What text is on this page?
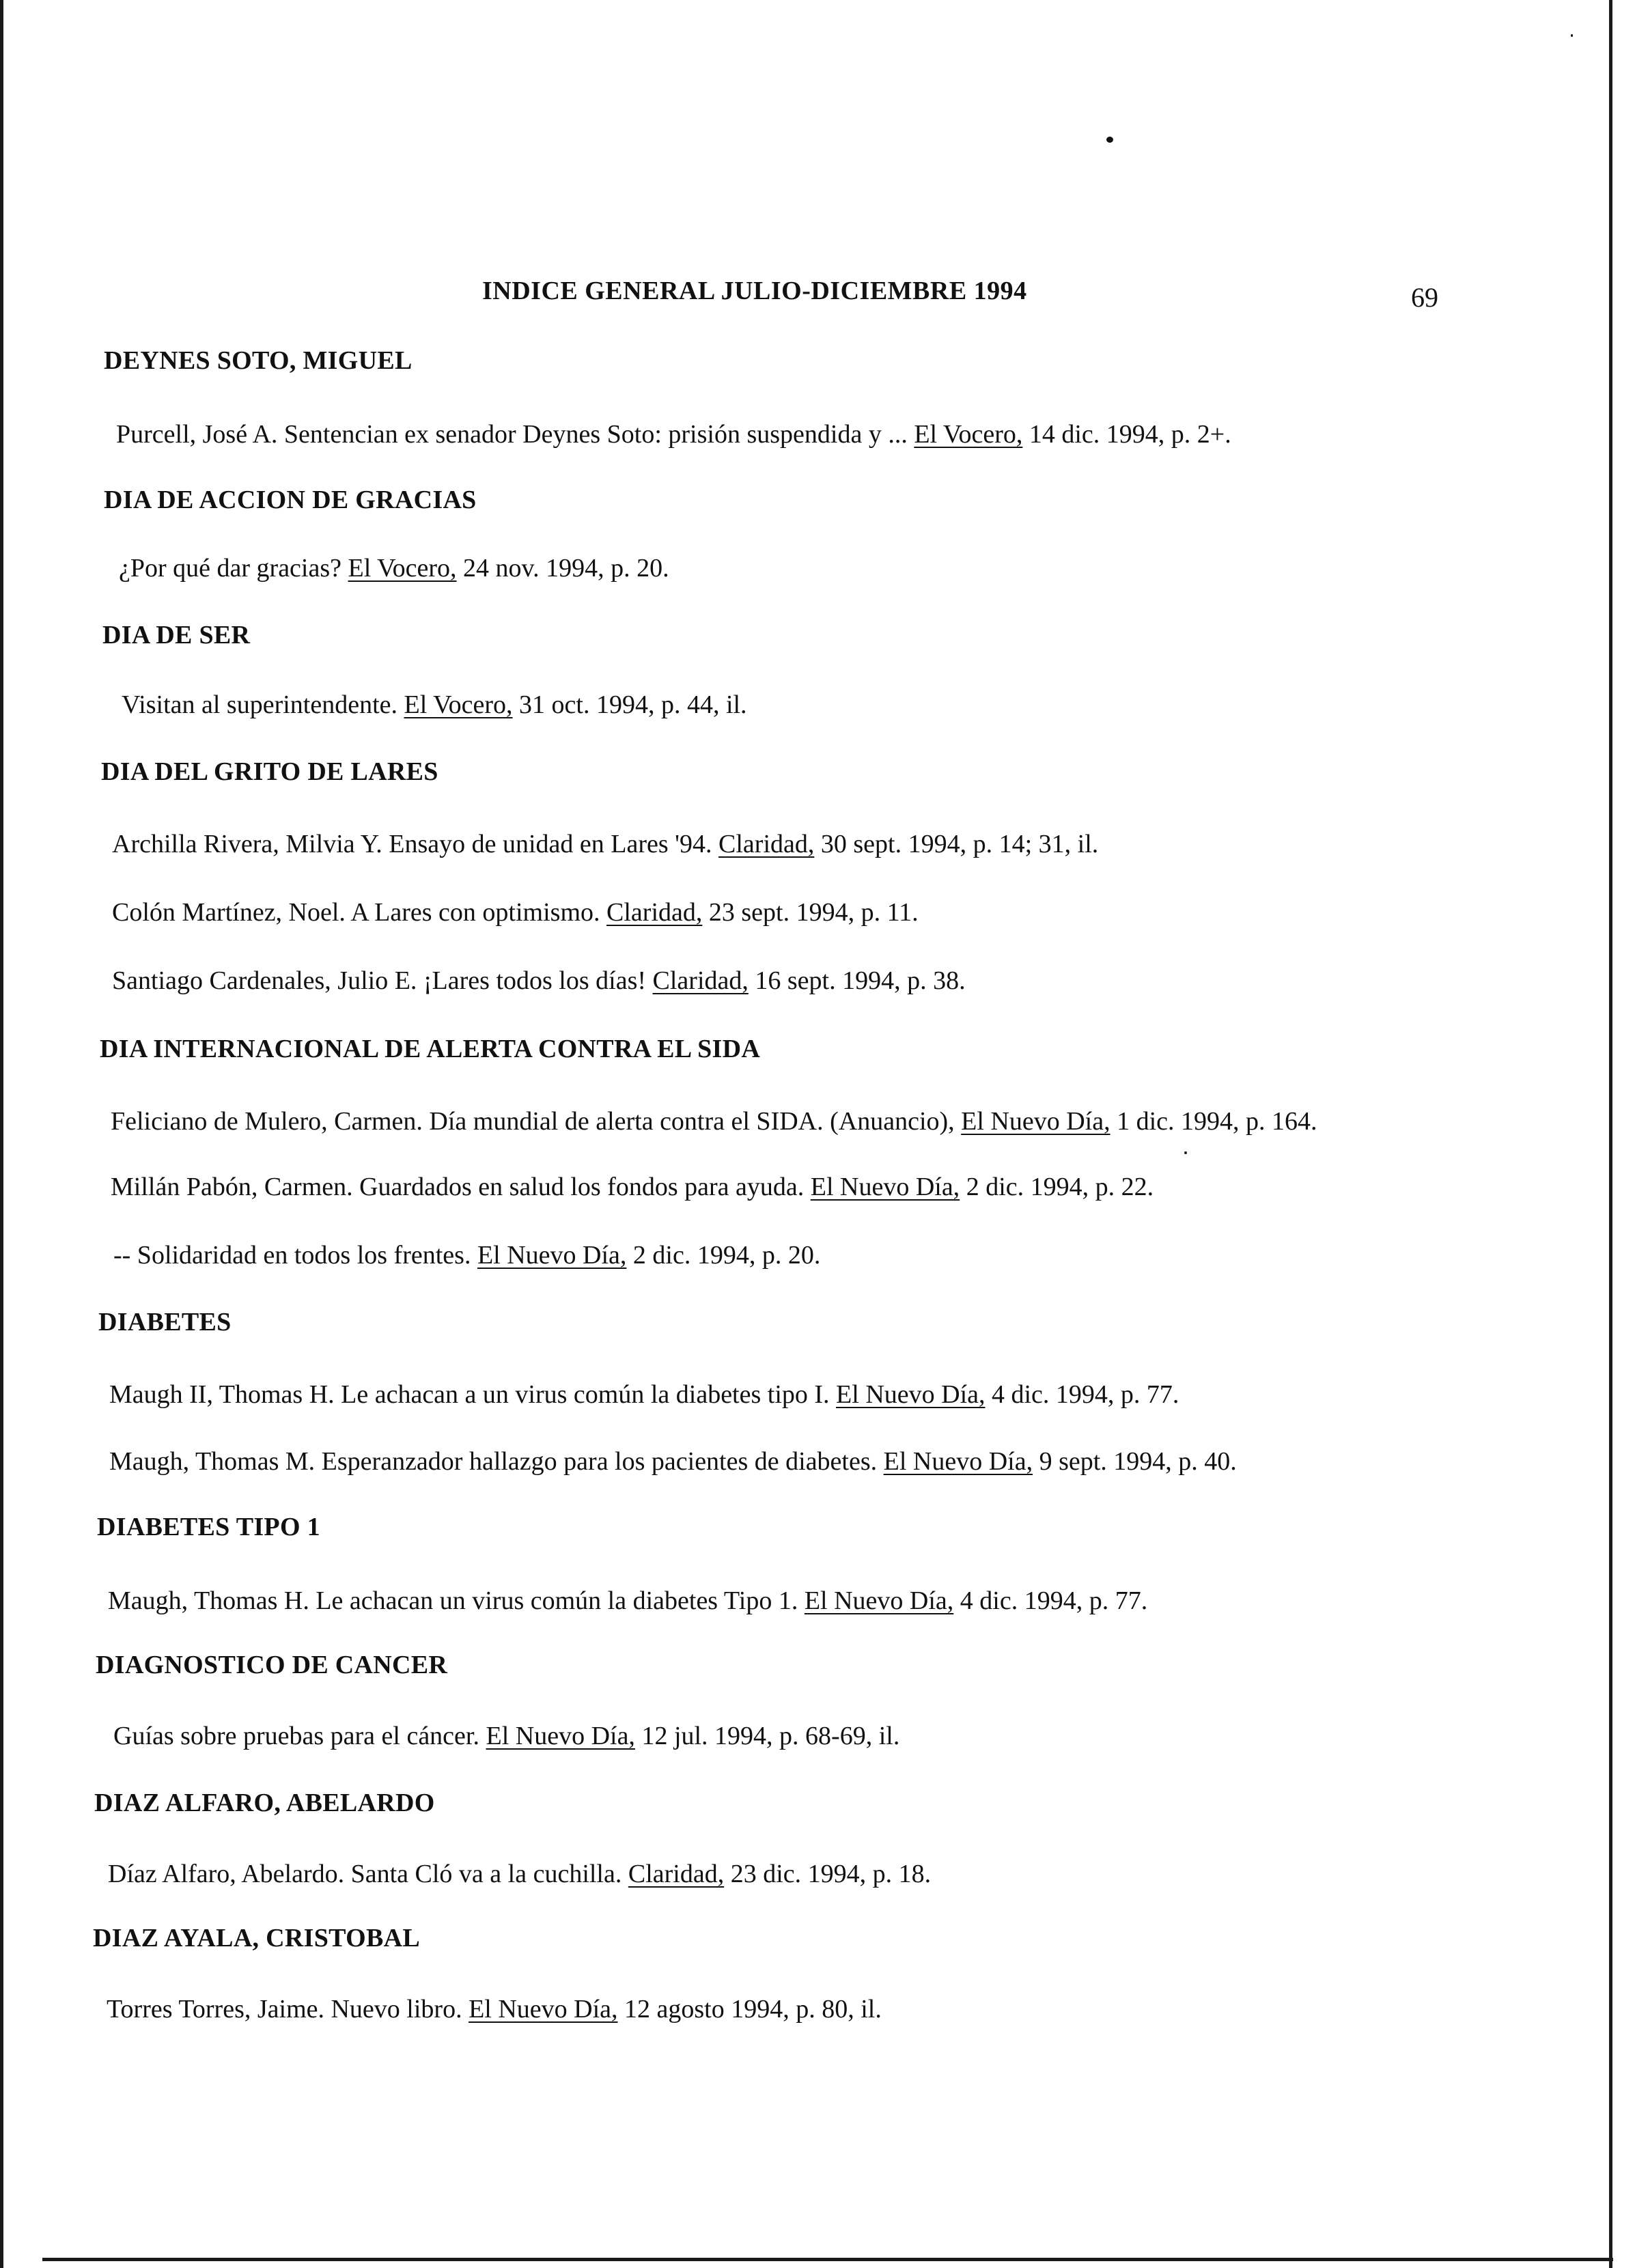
INDICE GENERAL JULIO-DICIEMBRE 1994	69
DEYNES SOTO, MIGUEL
Purcell, José A. Sentencian ex senador Deynes Soto: prisión suspendida y ... El Vocero, 14 dic. 1994, p. 2+.
DIA DE ACCION DE GRACIAS
¿Por qué dar gracias? El Vocero, 24 nov. 1994, p. 20.
DIA DE SER
Visitan al superintendente. El Vocero, 31 oct. 1994, p. 44, il.
DIA DEL GRITO DE LARES
Archilla Rivera, Milvia Y. Ensayo de unidad en Lares '94. Claridad, 30 sept. 1994, p. 14; 31, il.
Colón Martínez, Noel. A Lares con optimismo. Claridad, 23 sept. 1994, p. 11.
Santiago Cardenales, Julio E. ¡Lares todos los días! Claridad, 16 sept. 1994, p. 38.
DIA INTERNACIONAL DE ALERTA CONTRA EL SIDA
Feliciano de Mulero, Carmen. Día mundial de alerta contra el SIDA. (Anuancio), El Nuevo Día, 1 dic. 1994, p. 164.
Millán Pabón, Carmen. Guardados en salud los fondos para ayuda. El Nuevo Día, 2 dic. 1994, p. 22.
-- Solidaridad en todos los frentes. El Nuevo Día, 2 dic. 1994, p. 20.
DIABETES
Maugh II, Thomas H. Le achacan a un virus común la diabetes tipo I. El Nuevo Día, 4 dic. 1994, p. 77.
Maugh, Thomas M. Esperanzador hallazgo para los pacientes de diabetes. El Nuevo Día, 9 sept. 1994, p. 40.
DIABETES TIPO 1
Maugh, Thomas H. Le achacan un virus común la diabetes Tipo 1. El Nuevo Día, 4 dic. 1994, p. 77.
DIAGNOSTICO DE CANCER
Guías sobre pruebas para el cáncer. El Nuevo Día, 12 jul. 1994, p. 68-69, il.
DIAZ ALFARO, ABELARDO
Díaz Alfaro, Abelardo. Santa Cló va a la cuchilla. Claridad, 23 dic. 1994, p. 18.
DIAZ AYALA, CRISTOBAL
Torres Torres, Jaime. Nuevo libro. El Nuevo Día, 12 agosto 1994, p. 80, il.
